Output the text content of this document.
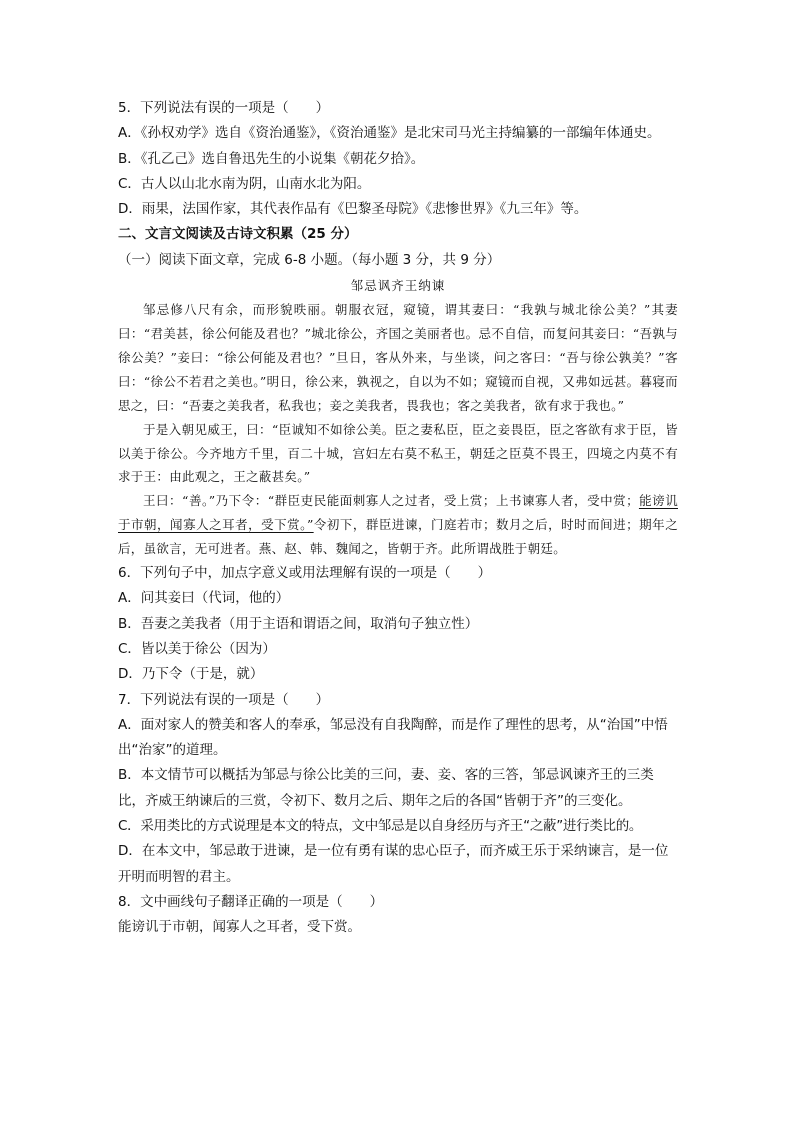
5．下列说法有误的一项是（　　）
A．《孙权劝学》选自《资治通鉴》，《资治通鉴》是北宋司马光主持编纂的一部编年体通史。
B．《孔乙己》选自鲁迅先生的小说集《朝花夕拾》。
C．古人以山北水南为阴，山南水北为阳。
D．雨果，法国作家，其代表作品有《巴黎圣母院》《悲惨世界》《九三年》等。
二、文言文阅读及古诗文积累（25 分）
（一）阅读下面文章，完成 6-8 小题。（每小题 3 分，共 9 分）
邹忌讽齐王纳谏
邹忌修八尺有余，而形貌昳丽。朝服衣冠，窥镜，谓其妻曰：“我孰与城北徐公美？”其妻曰：“君美甚，徐公何能及君也？”城北徐公，齐国之美丽者也。忌不自信，而复问其妾曰：“吾孰与徐公美？”妾曰：“徐公何能及君也？”旦日，客从外来，与坐谈，问之客曰：“吾与徐公孰美？”客曰：“徐公不若君之美也。”明日，徐公来，孰视之，自以为不如；窥镜而自视，又弗如远甚。暮寝而思之，曰：“吾妻之美我者，私我也；妾之美我者，畏我也；客之美我者，欲有求于我也。”
于是入朝见威王，曰：“臣诚知不如徐公美。臣之妻私臣，臣之妾畏臣，臣之客欲有求于臣，皆以美于徐公。今齐地方千里，百二十城，宫妇左右莫不私王，朝廷之臣莫不畏王，四境之内莫不有求于王：由此观之，王之蔽甚矣。”
王曰：“善。”乃下令：“群臣吏民能面刺寡人之过者，受上赏；上书谏寡人者，受中赏；能谤讥于市朝，闻寡人之耳者，受下赏。”令初下，群臣进谏，门庭若市；数月之后，时时而间进；期年之后，虽欲言，无可进者。燕、赵、韩、魏闻之，皆朝于齐。此所谓战胜于朝廷。
6．下列句子中，加点字意义或用法理解有误的一项是（　　）
A．问其妾曰（代词，他的）
B．吾妻之美我者（用于主语和谓语之间，取消句子独立性）
C．皆以美于徐公（因为）
D．乃下令（于是，就）
7．下列说法有误的一项是（　　）
A．面对家人的赞美和客人的奉承，邹忌没有自我陶醉，而是作了理性的思考，从“治国”中悟出“治家”的道理。
B．本文情节可以概括为邹忌与徐公比美的三问，妻、妾、客的三答，邹忌讽谏齐王的三类比，齐威王纳谏后的三赏，令初下、数月之后、期年之后的各国“皆朝于齐”的三变化。
C．采用类比的方式说理是本文的特点，文中邹忌是以自身经历与齐王“之蔽”进行类比的。
D．在本文中，邹忌敢于进谏，是一位有勇有谋的忠心臣子，而齐威王乐于采纳谏言，是一位开明而明智的君主。
8．文中画线句子翻译正确的一项是（　　）
能谤讥于市朝，闻寡人之耳者，受下赏。
